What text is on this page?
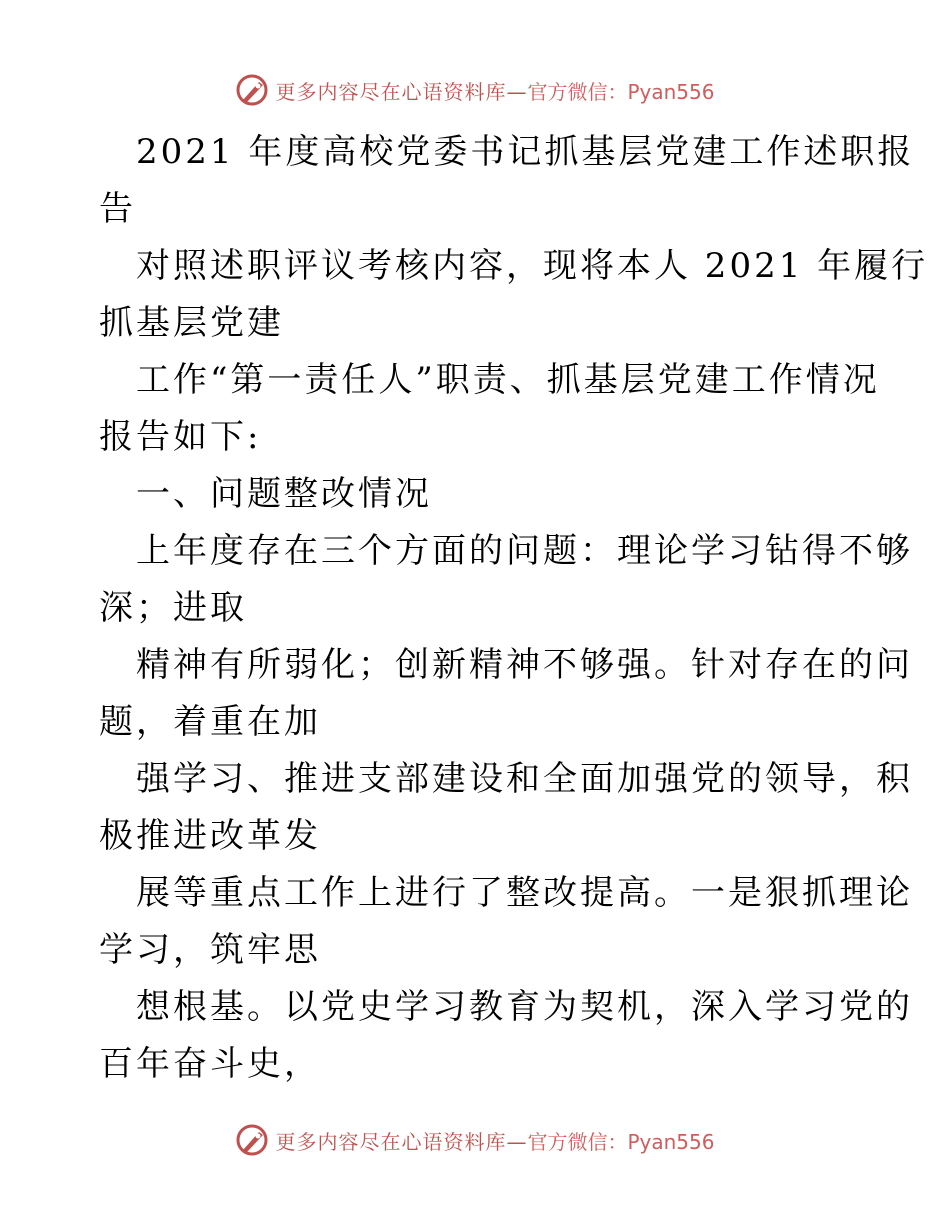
更多内容尽在心语资料库— 官方微信：Pyan556
2021 年度高校党委书记抓基层党建工作述职报
告
对照述职评议考核内容，现将本人 2021 年履行
抓基层党建
工作“第一责任人”职责、抓基层党建工作情况
报告如下:
一、问题整改情况
上年度存在三个方面的问题：理论学习钻得不够
深；进取
精神有所弱化；创新精神不够强。针对存在的问
题，着重在加
强学习、推进支部建设和全面加强党的领导，积
极推进改革发
展等重点工作上进行了整改提高。一是狠抓理论
学习，筑牢思
想根基。以党史学习教育为契机，深入学习党的
百年奋斗史，
更多内容尽在心语资料库— 官方微信：Pyan556
